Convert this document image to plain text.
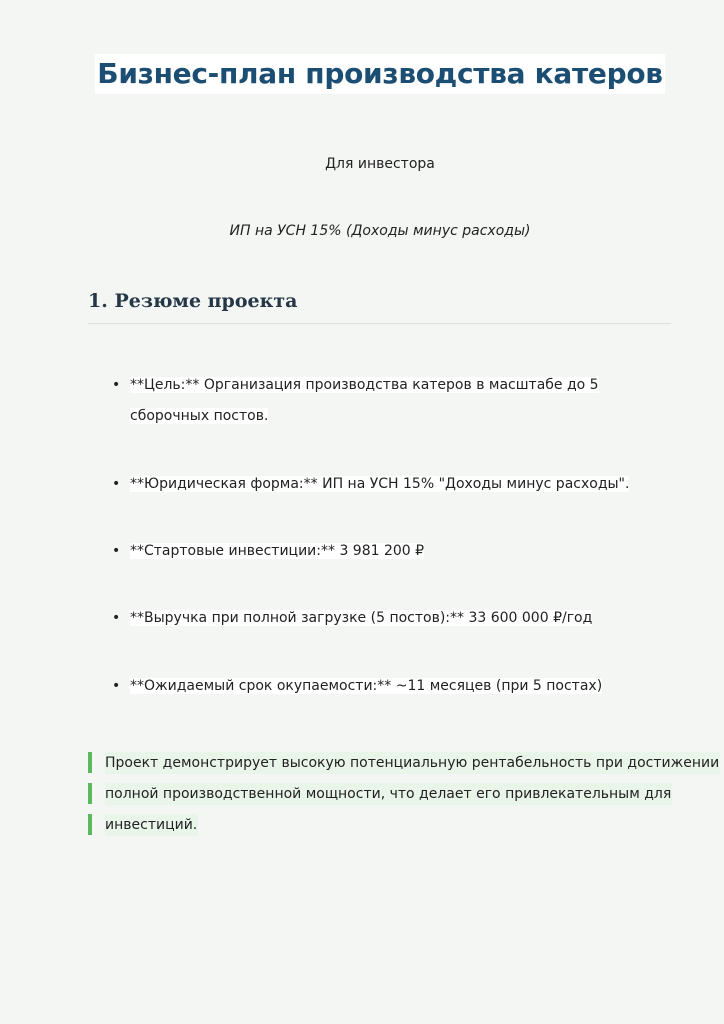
Бизнес-план производства катеров
Для инвестора
ИП на УСН 15% (Доходы минус расходы)
1. Резюме проекта
• **Цель:** Организация производства катеров в масштабе до 5 сборочных постов.
• **Юридическая форма:** ИП на УСН 15% "Доходы минус расходы".
• **Стартовые инвестиции:** 3 981 200 ₽
• **Выручка при полной загрузке (5 постов):** 33 600 000 ₽/год
• **Ожидаемый срок окупаемости:** ~11 месяцев (при 5 постах)
Проект демонстрирует высокую потенциальную рентабельность при достижении
полной производственной мощности, что делает его привлекательным для
инвестиций.
